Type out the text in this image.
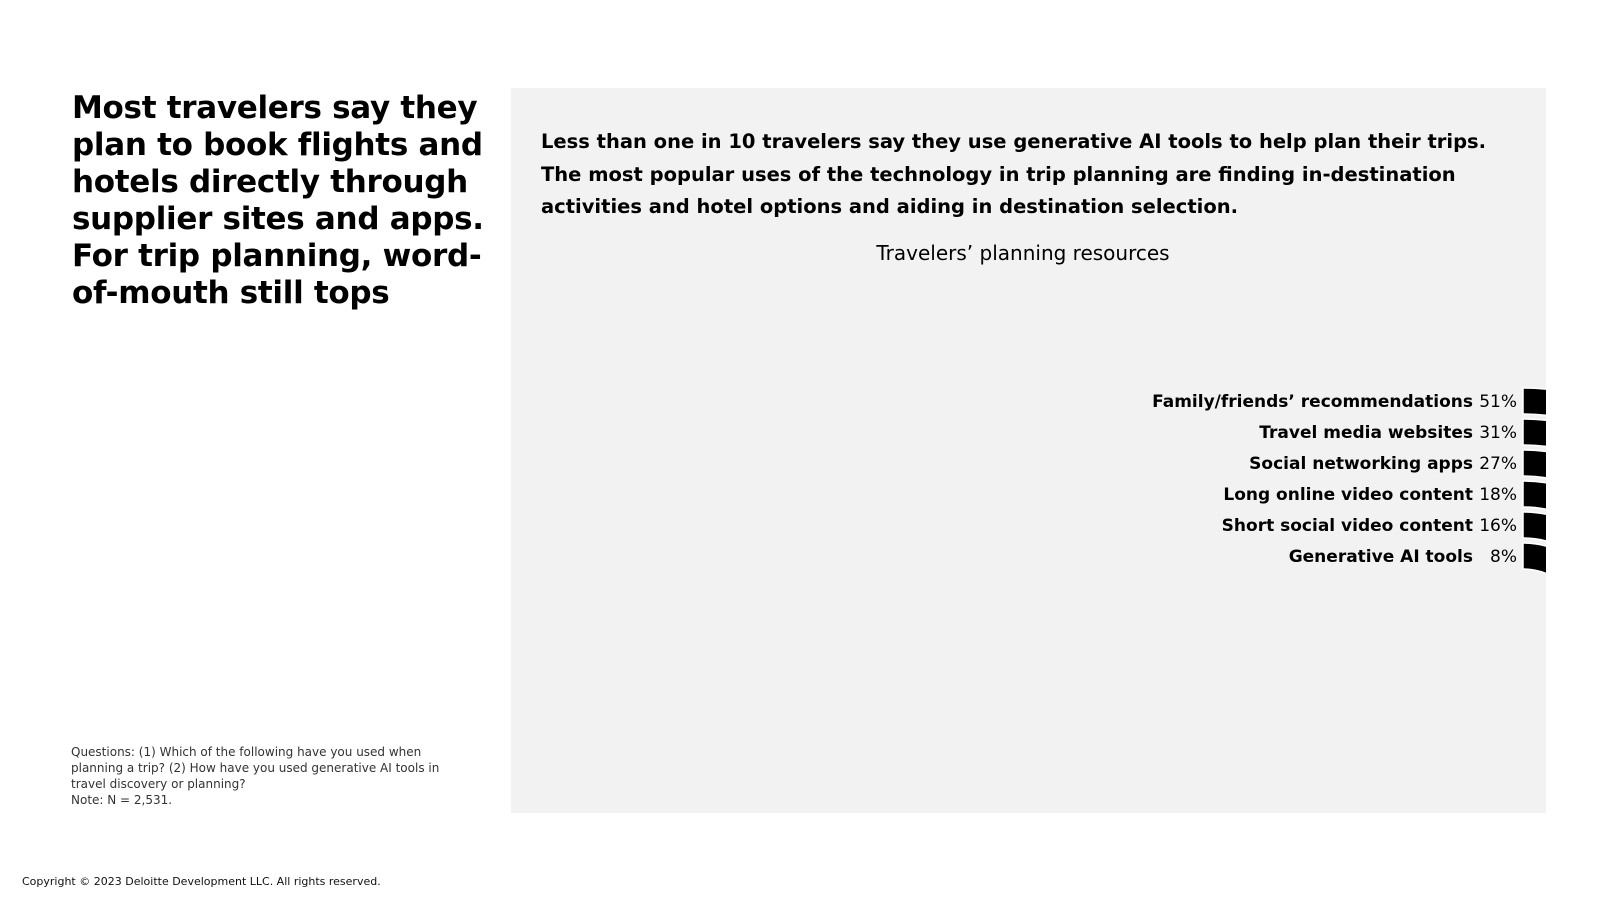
Most travelers say they plan to book flights and hotels directly through supplier sites and apps. For trip planning, word-of-mouth still tops
Questions: (1) Which of the following have you used when planning a trip? (2) How have you used generative AI tools in travel discovery or planning?
Note: N = 2,531.
Copyright © 2023 Deloitte Development LLC. All rights reserved.
Less than one in 10 travelers say they use generative AI tools to help plan their trips. The most popular uses of the technology in trip planning are finding in-destination activities and hotel options and aiding in destination selection.
Travelers’ planning resources
51%
Family/friends’ recommendations
31%
Travel media websites
27%
Social networking apps
18%
Long online video content
16%
Short social video content
8%
Generative AI tools
